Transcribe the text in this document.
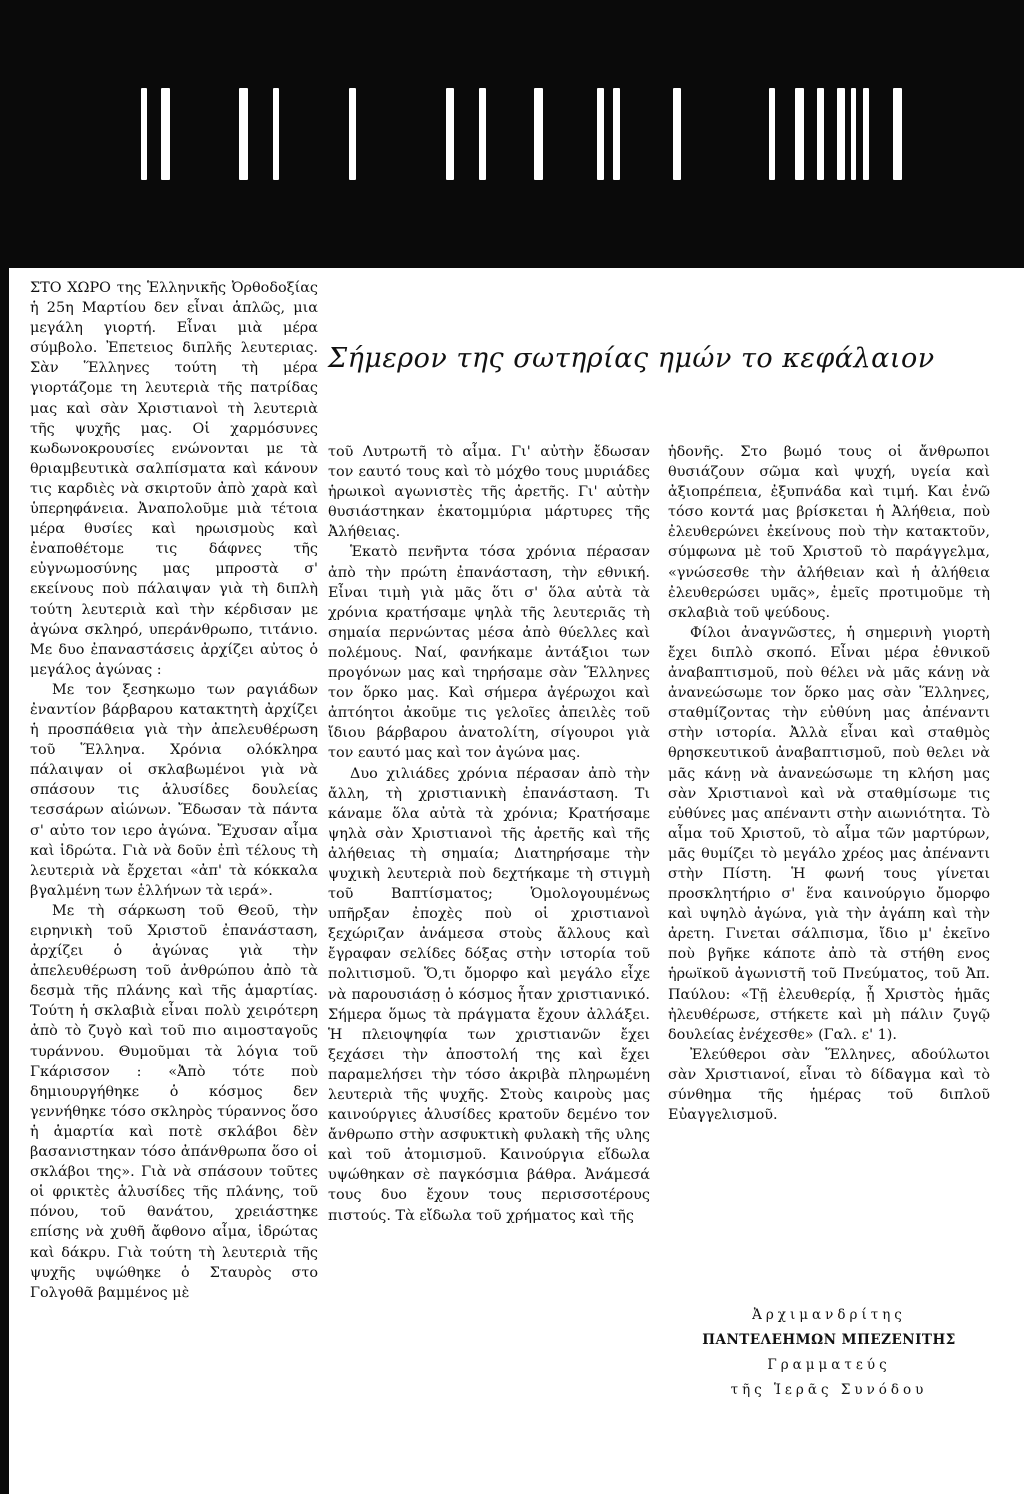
ΣΤΟ ΧΩΡΟ της Ἑλληνικῆς Ὀρθοδοξίας ἡ 25η Μαρτίου δεν εἶναι ἁπλῶς, μια μεγάλη γιορτή. Εἶναι μιὰ μέρα σύμβολο. Ἐπετειος διπλῆς λευτεριας. Σὰν Ἕλληνες τούτη τὴ μέρα γιορτάζομε τη λευτεριὰ τῆς πατρίδας μας καὶ σὰν Χριστιανοὶ τὴ λευτεριὰ τῆς ψυχῆς μας. Οἱ χαρμόσυνες κωδωνοκρουσίες ενώνονται με τὰ θριαμβευτικὰ σαλπίσματα καὶ κάνουν τις καρδιὲς νὰ σκιρτοῦν ἀπὸ χαρὰ καὶ ὑπερηφάνεια. Ἀναπολοῦμε μιὰ τέτοια μέρα θυσίες καὶ ηρωισμοὺς καὶ ἐναποθέτομε τις δάφνες τῆς εὐγνωμοσύνης μας μπροστὰ σ' εκείνους ποὺ πάλαιψαν γιὰ τὴ διπλὴ τούτη λευτεριὰ καὶ τὴν κέρδισαν με ἀγώνα σκληρό, υπεράνθρωπο, τιτάνιο. Με δυο ἐπαναστάσεις ἀρχίζει αὐτος ὁ μεγάλος ἀγώνας :

Με τον ξεσηκωμο των ραγιάδων ἐναντίον βάρβαρου κατακτητὴ ἀρχίζει ἡ προσπάθεια γιὰ τὴν ἀπελευθέρωση τοῦ Ἕλληνα. Χρόνια ολόκληρα πάλαιψαν οἱ σκλαβωμένοι γιὰ νὰ σπάσουν τις ἁλυσίδες δουλείας τεσσάρων αἰώνων. Ἔδωσαν τὰ πάντα σ' αὐτο τον ιερο ἀγώνα. Ἔχυσαν αἷμα καὶ ἱδρώτα. Γιὰ νὰ δοῦν ἐπὶ τέλους τὴ λευτεριὰ νὰ ἔρχεται «ἀπ' τὰ κόκκαλα βγαλμένη των ἑλλήνων τὰ ιερά».

Με τὴ σάρκωση τοῦ Θεοῦ, τὴν ειρηνικὴ τοῦ Χριστοῦ ἐπανάσταση, ἀρχίζει ὁ ἀγώνας γιὰ τὴν ἀπελευθέρωση τοῦ ἀνθρώπου ἀπὸ τὰ δεσμὰ τῆς πλάνης καὶ τῆς ἁμαρτίας. Τούτη ἡ σκλαβιὰ εἶναι πολὺ χειρότερη ἀπὸ τὸ ζυγὸ καὶ τοῦ πιο αιμοσταγοῦς τυράννου. Θυμοῦμαι τὰ λόγια τοῦ Γκάρισσον : «Ἀπὸ τότε ποὺ δημιουργήθηκε ὁ κόσμος δεν γεννήθηκε τόσο σκληρὸς τύραννος ὅσο ἡ ἁμαρτία καὶ ποτὲ σκλάβοι δὲν βασανιστηκαν τόσο ἀπάνθρωπα ὅσο οἱ σκλάβοι της». Γιὰ νὰ σπάσουν τοῦτες οἱ φρικτὲς ἁλυσίδες τῆς πλάνης, τοῦ πόνου, τοῦ θανάτου, χρειάστηκε επίσης νὰ χυθῆ ἄφθονο αἷμα, ἱδρώτας καὶ δάκρυ. Γιὰ τούτη τὴ λευτεριὰ τῆς ψυχῆς υψώθηκε ὁ Σταυρὸς στο Γολγοθᾶ βαμμένος μὲ

Σήμερον της σωτηρίας ημών το κεφάλαιον

τοῦ Λυτρωτῆ τὸ αἷμα. Γι' αὐτὴν ἔδωσαν τον εαυτό τους καὶ τὸ μόχθο τους μυριάδες ἡρωικοὶ αγωνιστὲς τῆς ἀρετῆς. Γι' αὐτὴν θυσιάστηκαν ἑκατομμύρια μάρτυρες τῆς Ἀλήθειας.

Ἑκατὸ πενῆντα τόσα χρόνια πέρασαν ἀπὸ τὴν πρώτη ἐπανάσταση, τὴν εθνική. Εἶναι τιμὴ γιὰ μᾶς ὅτι σ' ὅλα αὐτὰ τὰ χρόνια κρατήσαμε ψηλὰ τῆς λευτεριᾶς τὴ σημαία περνώντας μέσα ἀπὸ θύελλες καὶ πολέμους. Ναί, φανήκαμε ἀντάξιοι των προγόνων μας καὶ τηρήσαμε σὰν Ἕλληνες τον ὅρκο μας. Καὶ σήμερα ἀγέρωχοι καὶ ἀπτόητοι ἀκοῦμε τις γελοῖες ἀπειλὲς τοῦ ἴδιου βάρβαρου ἀνατολίτη, σίγουροι γιὰ τον εαυτό μας καὶ τον ἀγώνα μας.

Δυο χιλιάδες χρόνια πέρασαν ἀπὸ τὴν ἄλλη, τὴ χριστιανικὴ ἐπανάσταση. Τι κάναμε ὅλα αὐτὰ τὰ χρόνια; Κρατήσαμε ψηλὰ σὰν Χριστιανοὶ τῆς ἀρετῆς καὶ τῆς ἀλήθειας τὴ σημαία; Διατηρήσαμε τὴν ψυχικὴ λευτεριὰ ποὺ δεχτήκαμε τὴ στιγμὴ τοῦ Βαπτίσματος; Ὁμολογουμένως υπῆρξαν ἐποχὲς ποὺ οἱ χριστιανοὶ ξεχώριζαν ἀνάμεσα στοὺς ἄλλους καὶ ἔγραφαν σελίδες δόξας στὴν ιστορία τοῦ πολιτισμοῦ. Ὅ,τι ὄμορφο καὶ μεγάλο εἶχε νὰ παρουσιάσῃ ὁ κόσμος ἦταν χριστιανικό. Σήμερα ὅμως τὰ πράγματα ἔχουν ἀλλάξει. Ἡ πλειοψηφία των χριστιανῶν ἔχει ξεχάσει τὴν ἀποστολή της καὶ ἔχει παραμελήσει τὴν τόσο ἀκριβὰ πληρωμένη λευτεριὰ τῆς ψυχῆς. Στοὺς καιροὺς μας καινούργιες ἁλυσίδες κρατοῦν δεμένο τον ἄνθρωπο στὴν ασφυκτικὴ φυλακὴ τῆς υλης καὶ τοῦ ἀτομισμοῦ. Καινούργια εἴδωλα υψώθηκαν σὲ παγκόσμια βάθρα. Ἀνάμεσά τους δυο ἔχουν τους περισσοτέρους πιστούς. Τὰ εἴδωλα τοῦ χρήματος καὶ τῆς

ἡδονῆς. Στο βωμό τους οἱ ἄνθρωποι θυσιάζουν σῶμα καὶ ψυχή, υγεία καὶ ἀξιοπρέπεια, ἐξυπνάδα καὶ τιμή. Και ἐνῶ τόσο κοντά μας βρίσκεται ἡ Ἀλήθεια, ποὺ ἐλευθερώνει ἐκείνους ποὺ τὴν κατακτοῦν, σύμφωνα μὲ τοῦ Χριστοῦ τὸ παράγγελμα, «γνώσεσθε τὴν ἀλήθειαν καὶ ἡ ἀλήθεια ἐλευθερώσει υμᾶς», ἐμεῖς προτιμοῦμε τὴ σκλαβιὰ τοῦ ψεύδους.

Φίλοι ἀναγνῶστες, ἡ σημερινὴ γιορτὴ ἔχει διπλὸ σκοπό. Εἶναι μέρα ἐθνικοῦ ἀναβαπτισμοῦ, ποὺ θέλει νὰ μᾶς κάνῃ νὰ ἀνανεώσωμε τον ὅρκο μας σὰν Ἕλληνες, σταθμίζοντας τὴν εὐθύνη μας ἀπέναντι στὴν ιστορία. Ἀλλὰ εἶναι καὶ σταθμὸς θρησκευτικοῦ ἀναβαπτισμοῦ, ποὺ θελει νὰ μᾶς κάνῃ νὰ ἀνανεώσωμε τη κλήση μας σὰν Χριστιανοὶ καὶ νὰ σταθμίσωμε τις εὐθύνες μας απέναντι στὴν αιωνιότητα. Τὸ αἷμα τοῦ Χριστοῦ, τὸ αἷμα τῶν μαρτύρων, μᾶς θυμίζει τὸ μεγάλο χρέος μας ἀπέναντι στὴν Πίστη. Ἡ φωνή τους γίνεται προσκλητήριο σ' ἕνα καινούργιο ὄμορφο καὶ υψηλὸ ἀγώνα, γιὰ τὴν ἀγάπη καὶ τὴν ἀρετη. Γινεται σάλπισμα, ἴδιο μ' ἐκεῖνο ποὺ βγῆκε κάποτε ἀπὸ τὰ στήθη ενος ἡρωϊκοῦ ἀγωνιστῆ τοῦ Πνεύματος, τοῦ Ἀπ. Παύλου: «Τῇ ἐλευθερίᾳ, ᾗ Χριστὸς ἡμᾶς ἠλευθέρωσε, στήκετε καὶ μὴ πάλιν ζυγῷ δουλείας ἐνέχεσθε» (Γαλ. ε' 1).

Ἐλεύθεροι σὰν Ἕλληνες, αδούλωτοι σὰν Χριστιανοί, εἶναι τὸ δίδαγμα καὶ τὸ σύνθημα τῆς ἡμέρας τοῦ διπλοῦ Εὐαγγελισμοῦ.

Ἀρχιμανδρίτης
ΠΑΝΤΕΛΕΗΜΩΝ ΜΠΕΖΕΝΙΤΗΣ
Γραμματεύς
τῆς Ἱερᾶς Συνόδου
